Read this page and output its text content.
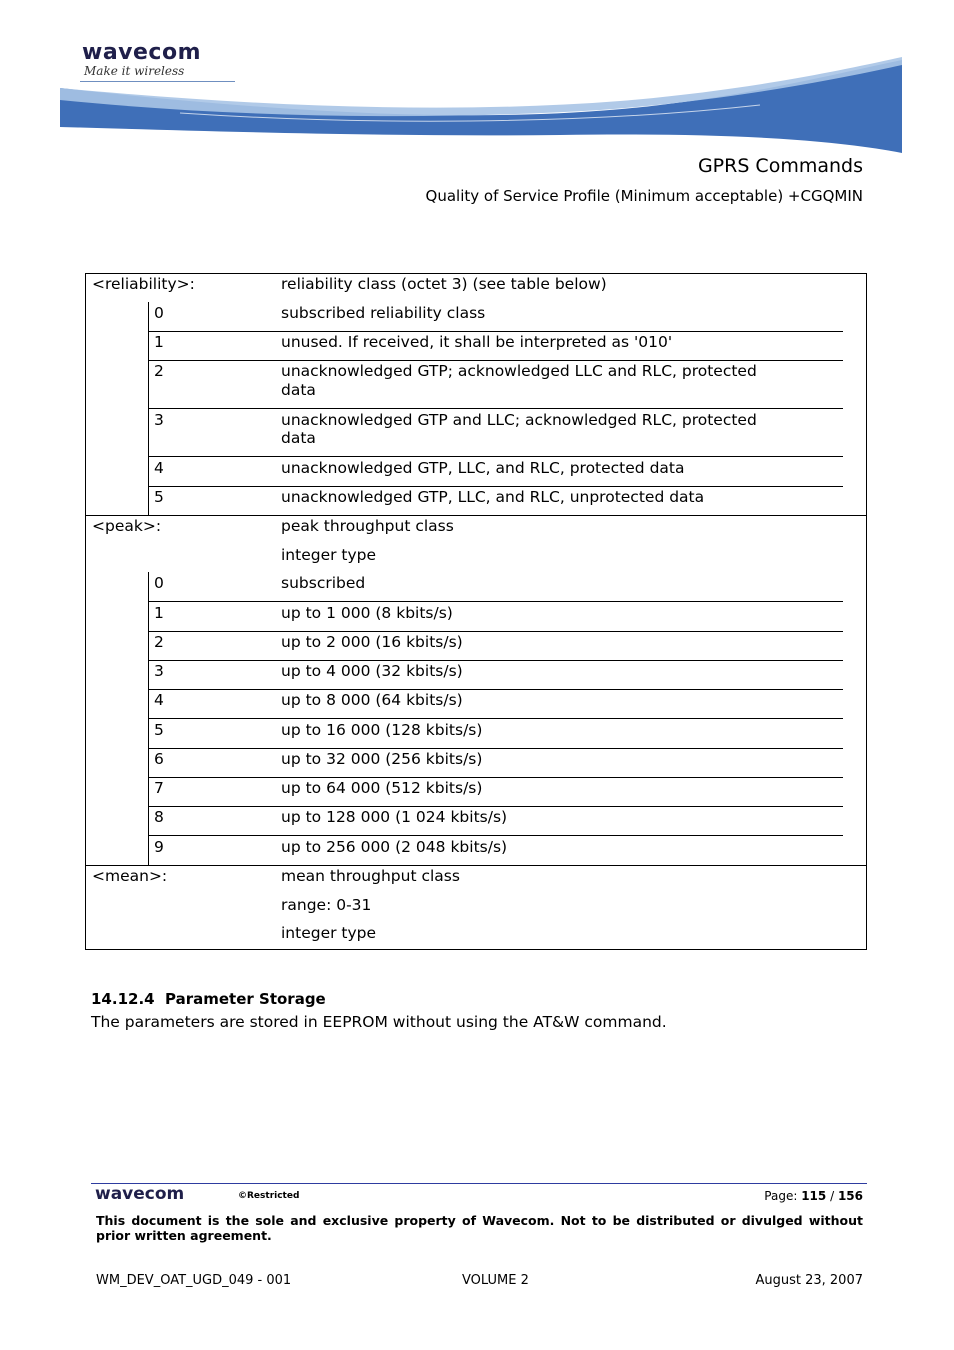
wavecom
Make it wireless
GPRS Commands
Quality of Service Profile (Minimum acceptable) +CGQMIN
<reliability>:	reliability class (octet 3) (see table below)
0	subscribed reliability class
1	unused. If received, it shall be interpreted as '010'
2	unacknowledged GTP; acknowledged LLC and RLC, protected
data
3	unacknowledged GTP and LLC; acknowledged RLC, protected
data
4	unacknowledged GTP, LLC, and RLC, protected data
5	unacknowledged GTP, LLC, and RLC, unprotected data
<peak>:	peak throughput class
integer type
0	subscribed
1	up to 1 000 (8 kbits/s)
2	up to 2 000 (16 kbits/s)
3	up to 4 000 (32 kbits/s)
4	up to 8 000 (64 kbits/s)
5	up to 16 000 (128 kbits/s)
6	up to 32 000 (256 kbits/s)
7	up to 64 000 (512 kbits/s)
8	up to 128 000 (1 024 kbits/s)
9	up to 256 000 (2 048 kbits/s)
<mean>:	mean throughput class
range: 0-31
integer type
14.12.4  Parameter Storage
The parameters are stored in EEPROM without using the AT&W command.
wavecom	©Restricted	Page: 115 / 156
This document is the sole and exclusive property of Wavecom. Not to be distributed or divulged without prior written agreement.
WM_DEV_OAT_UGD_049 - 001	VOLUME 2	August 23, 2007
